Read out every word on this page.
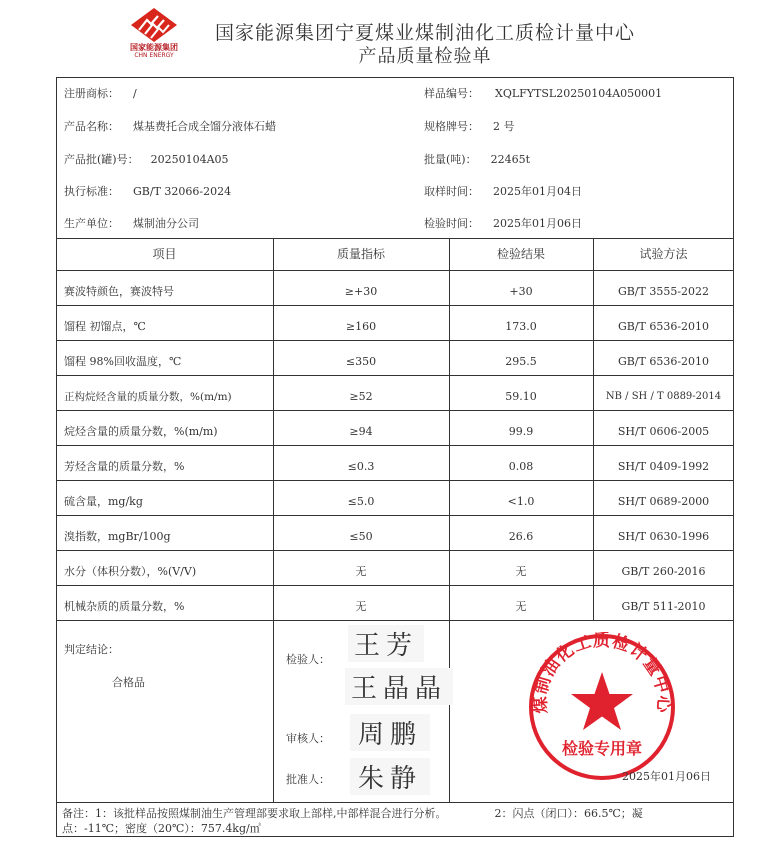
国家能源集团
CHN ENERGY
国家能源集团宁夏煤业煤制油化工质检计量中心
产品质量检验单
注册商标： /
产品名称： 煤基费托合成全馏分液体石蜡
产品批(罐)号： 20250104A05
执行标准： GB/T 32066-2024
生产单位： 煤制油分公司
样品编号： XQLFYTSL20250104A050001
规格牌号： 2 号
批量(吨)： 22465t
取样时间： 2025年01月04日
检验时间： 2025年01月06日
项目	质量指标	检验结果	试验方法
赛波特颜色，赛波特号	≥+30	+30	GB/T 3555-2022
馏程 初馏点，℃	≥160	173.0	GB/T 6536-2010
馏程 98%回收温度，℃	≤350	295.5	GB/T 6536-2010
正构烷烃含量的质量分数，%(m/m)	≥52	59.10	NB / SH / T 0889-2014
烷烃含量的质量分数，%(m/m)	≥94	99.9	SH/T 0606-2005
芳烃含量的质量分数，%	≤0.3	0.08	SH/T 0409-1992
硫含量，mg/kg	≤5.0	<1.0	SH/T 0689-2000
溴指数，mgBr/100g	≤50	26.6	SH/T 0630-1996
水分（体积分数），%(V/V)	无	无	GB/T 260-2016
机械杂质的质量分数，%	无	无	GB/T 511-2010
判定结论：
合格品
检验人： 王芳
王晶晶
审核人：	周鹏
批准人：	朱静
煤制油化工质检计量中心
检验专用章
2025年01月06日
备注：1：该批样品按照煤制油生产管理部要求取上部样,中部样混合进行分析。	2：闪点（闭口）：66.5℃；凝
点：-11℃；密度（20℃）：757.4kg/㎥
